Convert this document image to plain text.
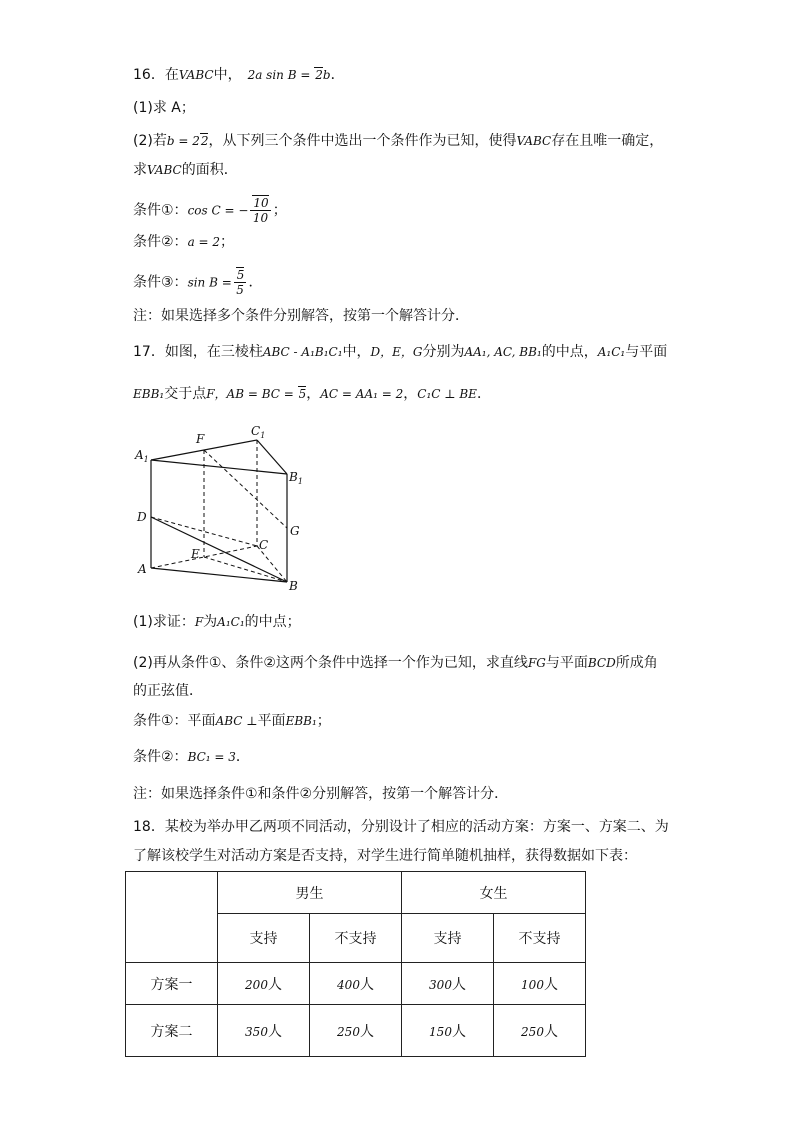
16．在VABC中， 2a sin B = 2b．
(1)求 A；
(2)若b = 22，从下列三个条件中选出一个条件作为已知，使得VABC存在且唯一确定，
求VABC的面积．
条件①：cos C = − $\frac{10}{10}$ ；
条件②：a = 2；
条件③：$\sin B = \frac{5}{5}$ ．
注：如果选择多个条件分别解答，按第一个解答计分．
17．如图，在三棱柱ABC - A₁B₁C₁中，D，E，G分别为AA₁, AC, BB₁的中点，A₁C₁与平面
EBB₁交于点F，AB = BC = 5，AC = AA₁ = 2，C₁C ⊥ BE．
$A_1$
$C_1$
$B_1$
F
G
D
E
C
A
B
(1)求证：F为A₁C₁的中点；
(2)再从条件①、条件②这两个条件中选择一个作为已知，求直线FG与平面BCD所成角
的正弦值．
条件①：平面ABC ⊥平面EBB₁；
条件②：BC₁ = 3．
注：如果选择条件①和条件②分别解答，按第一个解答计分．
18．某校为举办甲乙两项不同活动，分别设计了相应的活动方案：方案一、方案二、为
了解该校学生对活动方案是否支持，对学生进行简单随机抽样，获得数据如下表：
	男生		女生	
	支持	不支持	支持	不支持
方案一	200人	400人	300人	100人
方案二	350人	250人	150人	250人
